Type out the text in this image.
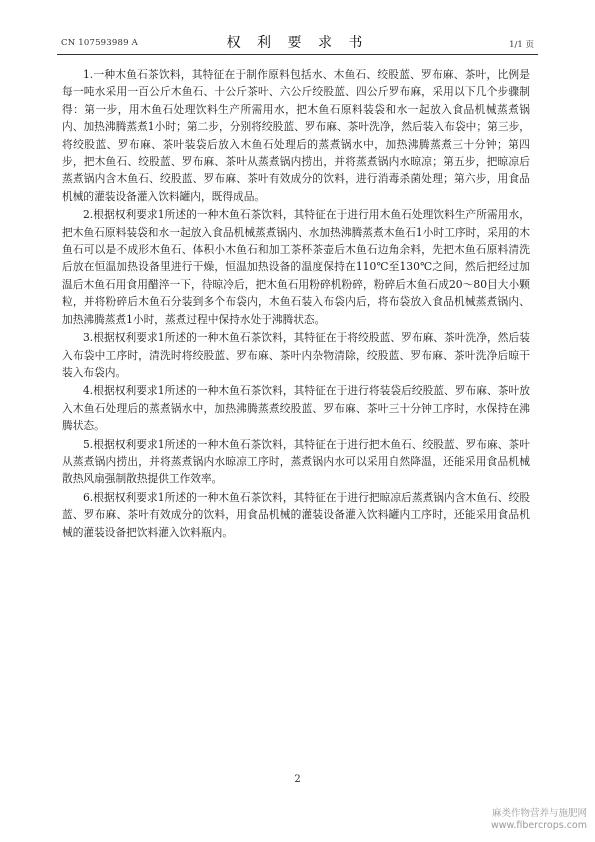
CN 107593989 A	权 利 要 求 书	1/1 页

1.一种木鱼石茶饮料，其特征在于制作原料包括水、木鱼石、绞股蓝、罗布麻、茶叶，比例是每一吨水采用一百公斤木鱼石、十公斤茶叶、六公斤绞股蓝、四公斤罗布麻，采用以下几个步骤制得：第一步，用木鱼石处理饮料生产所需用水，把木鱼石原料装袋和水一起放入食品机械蒸煮锅内、加热沸腾蒸煮1小时；第二步，分别将绞股蓝、罗布麻、茶叶洗净，然后装入布袋中；第三步，将绞股蓝、罗布麻、茶叶装袋后放入木鱼石处理后的蒸煮锅水中，加热沸腾蒸煮三十分钟；第四步，把木鱼石、绞股蓝、罗布麻、茶叶从蒸煮锅内捞出，并将蒸煮锅内水晾凉；第五步，把晾凉后蒸煮锅内含木鱼石、绞股蓝、罗布麻、茶叶有效成分的饮料，进行消毒杀菌处理；第六步，用食品机械的灌装设备灌入饮料罐内，既得成品。

2.根据权利要求1所述的一种木鱼石茶饮料，其特征在于进行用木鱼石处理饮料生产所需用水，把木鱼石原料装袋和水一起放入食品机械蒸煮锅内、水加热沸腾蒸煮木鱼石1小时工序时，采用的木鱼石可以是不成形木鱼石、体积小木鱼石和加工茶杯茶壶后木鱼石边角余料，先把木鱼石原料清洗后放在恒温加热设备里进行干燥，恒温加热设备的温度保持在110℃至130℃之间，然后把经过加温后木鱼石用食用醋淬一下，待晾冷后，把木鱼石用粉碎机粉碎，粉碎后木鱼石成20～80目大小颗粒，并将粉碎后木鱼石分装到多个布袋内，木鱼石装入布袋内后，将布袋放入食品机械蒸煮锅内、加热沸腾蒸煮1小时，蒸煮过程中保持水处于沸腾状态。

3.根据权利要求1所述的一种木鱼石茶饮料，其特征在于将绞股蓝、罗布麻、茶叶洗净，然后装入布袋中工序时，清洗时将绞股蓝、罗布麻、茶叶内杂物清除，绞股蓝、罗布麻、茶叶洗净后晾干装入布袋内。

4.根据权利要求1所述的一种木鱼石茶饮料，其特征在于进行将装袋后绞股蓝、罗布麻、茶叶放入木鱼石处理后的蒸煮锅水中，加热沸腾蒸煮绞股蓝、罗布麻、茶叶三十分钟工序时，水保持在沸腾状态。

5.根据权利要求1所述的一种木鱼石茶饮料，其特征在于进行把木鱼石、绞股蓝、罗布麻、茶叶从蒸煮锅内捞出，并将蒸煮锅内水晾凉工序时，蒸煮锅内水可以采用自然降温，还能采用食品机械散热风扇强制散热提供工作效率。

6.根据权利要求1所述的一种木鱼石茶饮料，其特征在于进行把晾凉后蒸煮锅内含木鱼石、绞股蓝、罗布麻、茶叶有效成分的饮料，用食品机械的灌装设备灌入饮料罐内工序时，还能采用食品机械的灌装设备把饮料灌入饮料瓶内。

2
麻类作物营养与施肥网
www.fibercrops.com
